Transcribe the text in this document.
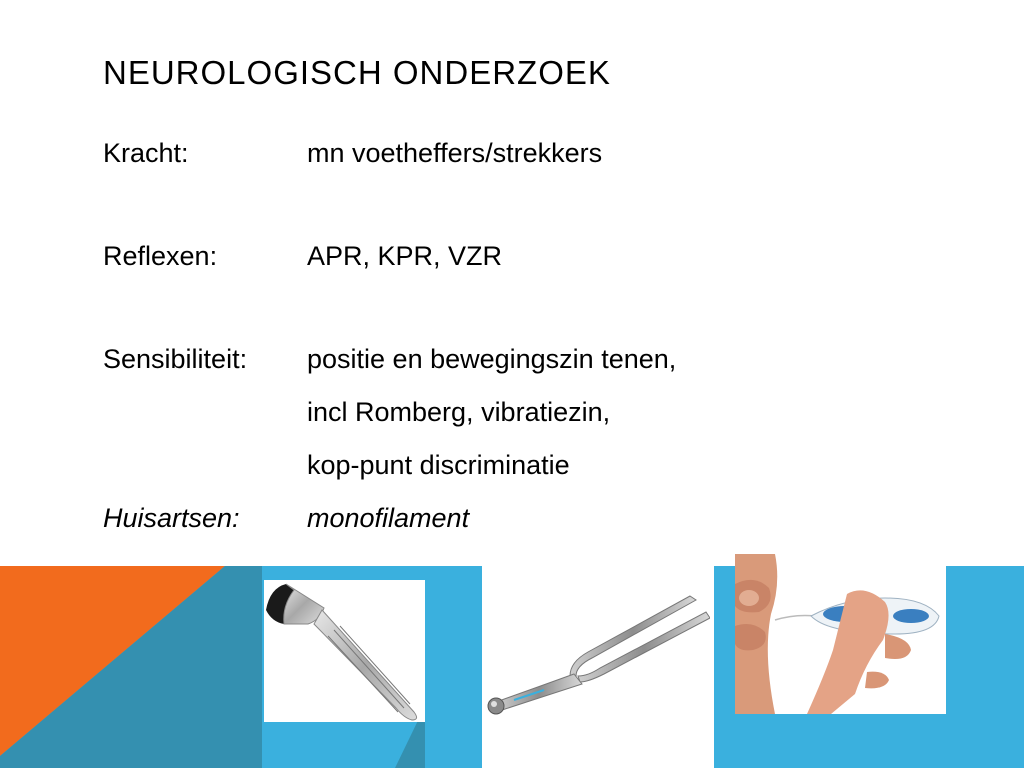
NEUROLOGISCH ONDERZOEK
Kracht:	mn voetheffers/strekkers
Reflexen:	APR, KPR, VZR
Sensibiliteit: positie en bewegingszin tenen,
incl Romberg, vibratiezin,
kop-punt discriminatie
Huisartsen: monofilament
